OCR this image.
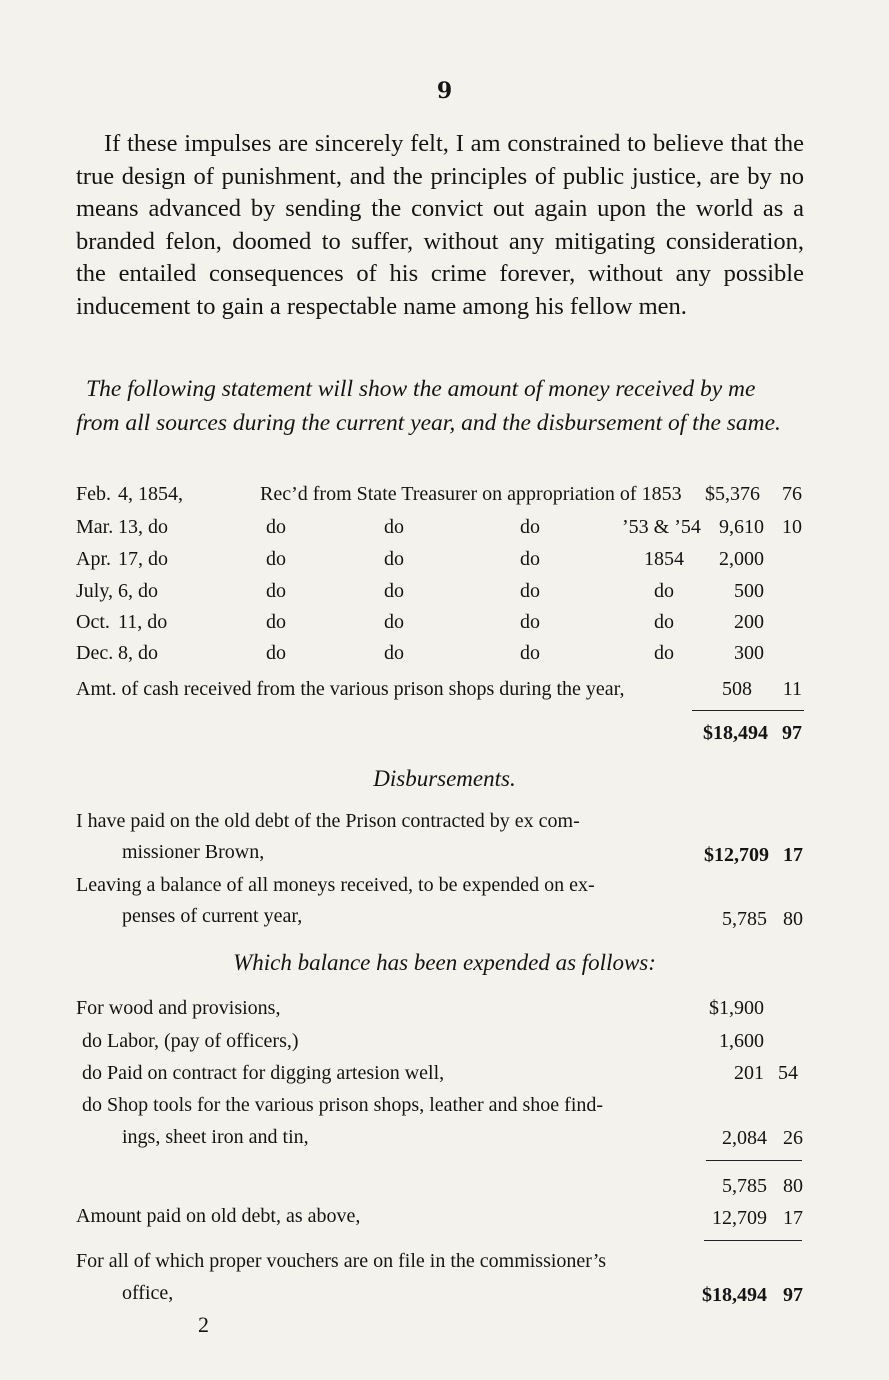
9

If these impulses are sincerely felt, I am constrained to believe that the true design of punishment, and the principles of public justice, are by no means advanced by sending the convict out again upon the world as a branded felon, doomed to suffer, without any mitigating consideration, the entailed consequences of his crime forever, without any possible inducement to gain a respectable name among his fellow men.

The following statement will show the amount of money received by me from all sources during the current year, and the disbursement of the same.

Feb. 4, 1854,	Rec’d from State Treasurer on appropriation of 1853 $5,376 76
Mar. 13, do	do	do	do	’53 & ’54 9,610 10
Apr. 17, do	do	do	do	1854 2,000
July, 6, do	do	do	do	do	500
Oct. 11, do	do	do	do	do	200
Dec. 8, do	do	do	do	do	300
Amt. of cash received from the various prison shops during the year,	508 11
$18,494 97
Disbursements.
I have paid on the old debt of the Prison contracted by ex com-
missioner Brown,	$12,709 17
Leaving a balance of all moneys received, to be expended on ex-
penses of current year,	5,785 80
Which balance has been expended as follows:
For wood and provisions,	$1,900
do Labor, (pay of officers,)	1,600
do Paid on contract for digging artesion well,	201 54
do Shop tools for the various prison shops, leather and shoe find-
ings, sheet iron and tin,	2,084 26
5,785 80
Amount paid on old debt, as above,	12,709 17
For all of which proper vouchers are on file in the commissioner’s
office,	$18,494 97
2
